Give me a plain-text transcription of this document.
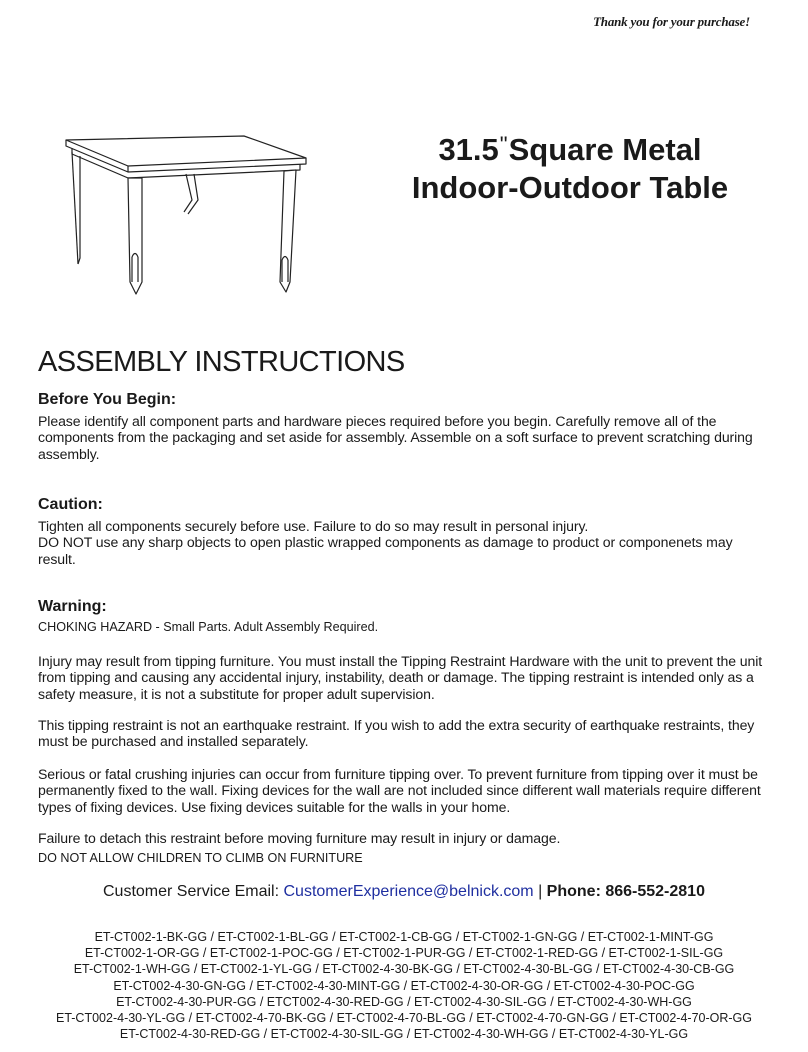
Thank you for your purchase!
31.5"Square Metal
Indoor-Outdoor Table
ASSEMBLY INSTRUCTIONS
Before You Begin:

Please identify all component parts and hardware pieces required before you begin. Carefully remove all of the components from the packaging and set aside for assembly. Assemble on a soft surface to prevent scratching during assembly.

Caution:

Tighten all components securely before use. Failure to do so may result in personal injury.

DO NOT use any sharp objects to open plastic wrapped components as damage to product or componenets may result.

Warning:

CHOKING HAZARD - Small Parts. Adult Assembly Required.

Injury may result from tipping furniture. You must install the Tipping Restraint Hardware with the unit to prevent the unit from tipping and causing any accidental injury, instability, death or damage. The tipping restraint is intended only as a safety measure, it is not a substitute for proper adult supervision.

This tipping restraint is not an earthquake restraint. If you wish to add the extra security of earthquake restraints, they must be purchased and installed separately.

Serious or fatal crushing injuries can occur from furniture tipping over. To prevent furniture from tipping over it must be permanently fixed to the wall. Fixing devices for the wall are not included since different wall materials require different types of fixing devices. Use fixing devices suitable for the walls in your home.

Failure to detach this restraint before moving furniture may result in injury or damage.

DO NOT ALLOW CHILDREN TO CLIMB ON FURNITURE

Customer Service Email: CustomerExperience@belnick.com | Phone: 866-552-2810
ET-CT002-1-BK-GG / ET-CT002-1-BL-GG / ET-CT002-1-CB-GG / ET-CT002-1-GN-GG / ET-CT002-1-MINT-GG
ET-CT002-1-OR-GG / ET-CT002-1-POC-GG / ET-CT002-1-PUR-GG / ET-CT002-1-RED-GG / ET-CT002-1-SIL-GG
ET-CT002-1-WH-GG / ET-CT002-1-YL-GG / ET-CT002-4-30-BK-GG / ET-CT002-4-30-BL-GG / ET-CT002-4-30-CB-GG
ET-CT002-4-30-GN-GG / ET-CT002-4-30-MINT-GG / ET-CT002-4-30-OR-GG / ET-CT002-4-30-POC-GG
ET-CT002-4-30-PUR-GG / ETCT002-4-30-RED-GG / ET-CT002-4-30-SIL-GG / ET-CT002-4-30-WH-GG
ET-CT002-4-30-YL-GG / ET-CT002-4-70-BK-GG / ET-CT002-4-70-BL-GG / ET-CT002-4-70-GN-GG / ET-CT002-4-70-OR-GG
ET-CT002-4-30-RED-GG / ET-CT002-4-30-SIL-GG / ET-CT002-4-30-WH-GG / ET-CT002-4-30-YL-GG
